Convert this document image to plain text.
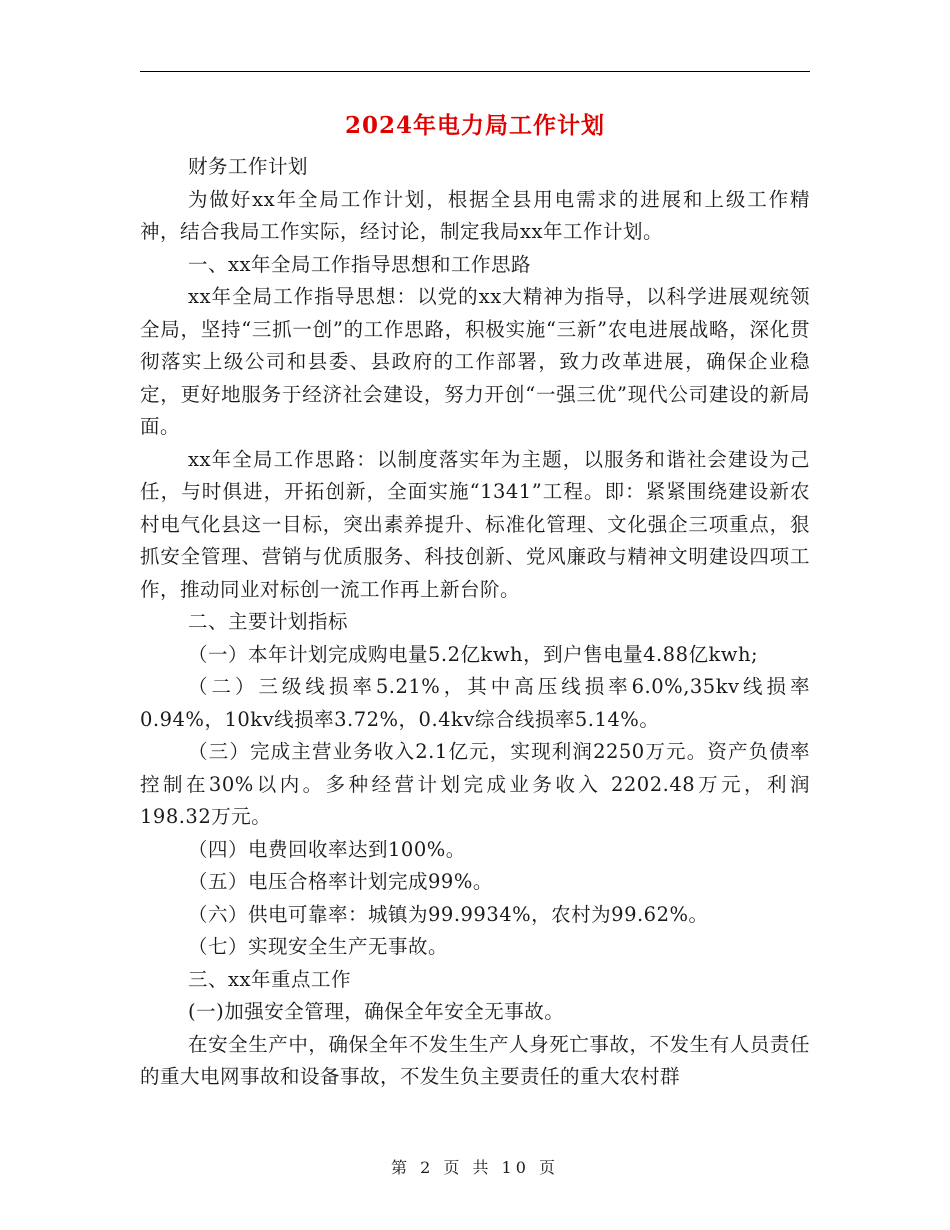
2024年电力局工作计划

财务工作计划

为做好xx年全局工作计划，根据全县用电需求的进展和上级工作精神，结合我局工作实际，经讨论，制定我局xx年工作计划。

一、xx年全局工作指导思想和工作思路

xx年全局工作指导思想：以党的xx大精神为指导，以科学进展观统领全局，坚持“三抓一创”的工作思路，积极实施“三新”农电进展战略，深化贯彻落实上级公司和县委、县政府的工作部署，致力改革进展，确保企业稳定，更好地服务于经济社会建设，努力开创“一强三优”现代公司建设的新局面。

xx年全局工作思路：以制度落实年为主题，以服务和谐社会建设为己任，与时俱进，开拓创新，全面实施“1341”工程。即：紧紧围绕建设新农村电气化县这一目标，突出素养提升、标准化管理、文化强企三项重点，狠抓安全管理、营销与优质服务、科技创新、党风廉政与精神文明建设四项工作，推动同业对标创一流工作再上新台阶。

二、主要计划指标

（一）本年计划完成购电量5.2亿kwh，到户售电量4.88亿kwh;

（二）三级线损率5.21%，其中高压线损率6.0%,35kv线损率0.94%，10kv线损率3.72%，0.4kv综合线损率5.14%。

（三）完成主营业务收入2.1亿元，实现利润2250万元。资产负债率控制在30%以内。多种经营计划完成业务收入 2202.48万元，利润 198.32万元。

（四）电费回收率达到100%。

（五）电压合格率计划完成99%。

（六）供电可靠率：城镇为99.9934%，农村为99.62%。

（七）实现安全生产无事故。

三、xx年重点工作

(一)加强安全管理，确保全年安全无事故。

在安全生产中，确保全年不发生生产人身死亡事故，不发生有人员责任的重大电网事故和设备事故，不发生负主要责任的重大农村群

第 2 页 共 10 页
